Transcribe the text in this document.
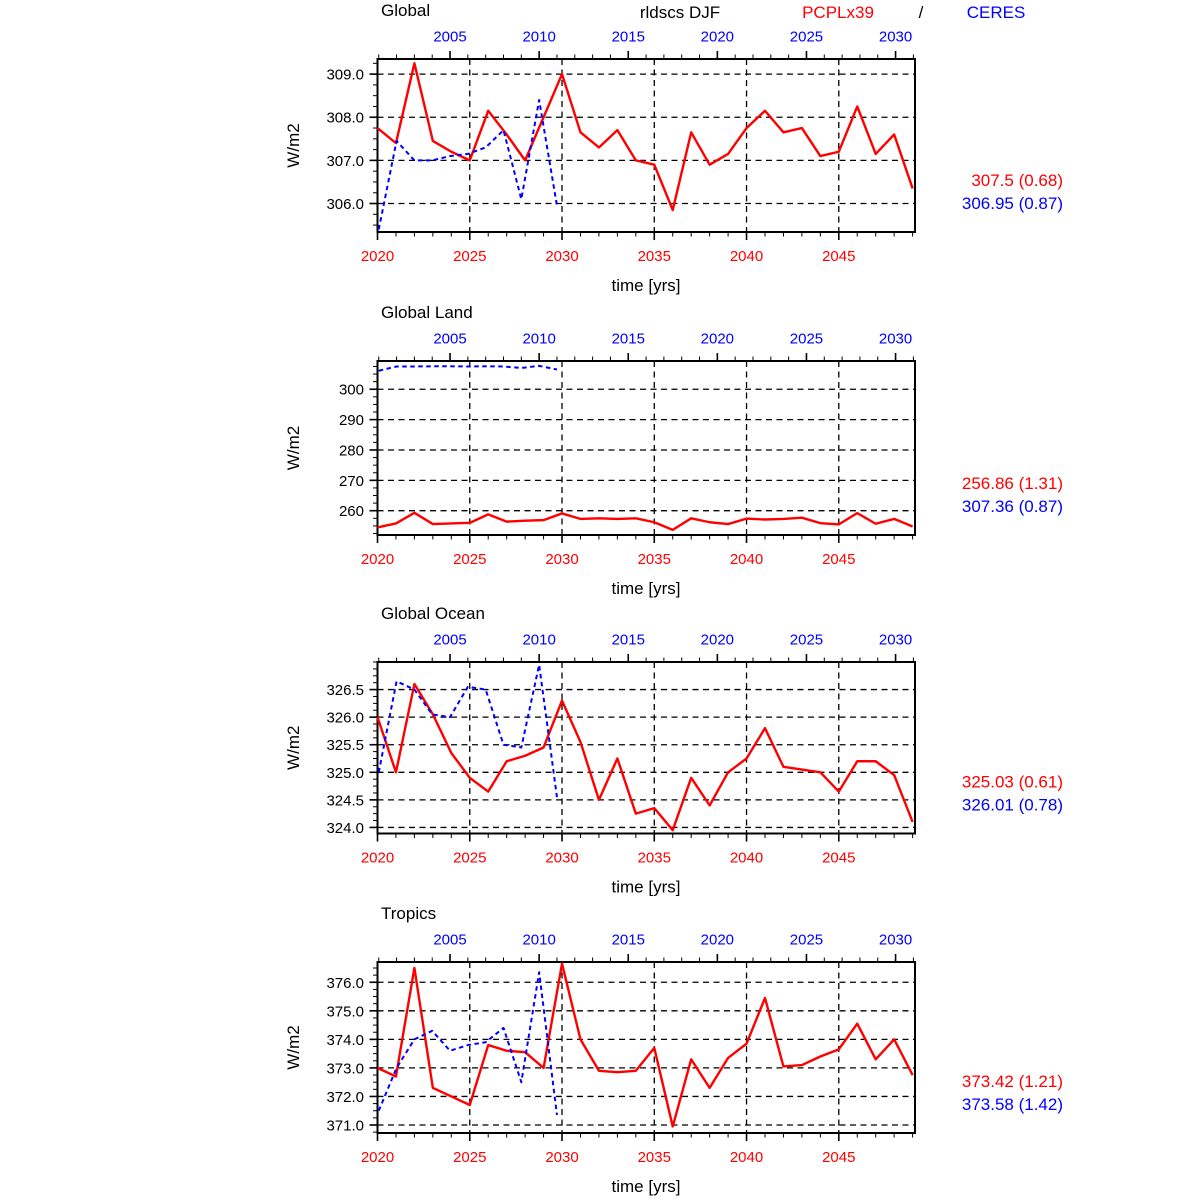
2020	2025	2030	2035	2040	2045
2005	2010	2015	2020	2025	2030
306.0
307.0
308.0
309.0
Global
time [yrs]
W/m2
307.5 (0.68)
306.95 (0.87)
2020	2025	2030	2035	2040	2045
2005	2010	2015	2020	2025	2030
260
270
280
290
300
Global Land
time [yrs]
W/m2
256.86 (1.31)
307.36 (0.87)
2020	2025	2030	2035	2040	2045
2005	2010	2015	2020	2025	2030
324.0
324.5
325.0
325.5
326.0
326.5
Global Ocean
time [yrs]
W/m2
325.03 (0.61)
326.01 (0.78)
2020	2025	2030	2035	2040	2045
2005	2010	2015	2020	2025	2030
371.0
372.0
373.0
374.0
375.0
376.0
Tropics
time [yrs]
W/m2
373.42 (1.21)
373.58 (1.42)
rldscs DJF	PCPLx39	/	CERES
